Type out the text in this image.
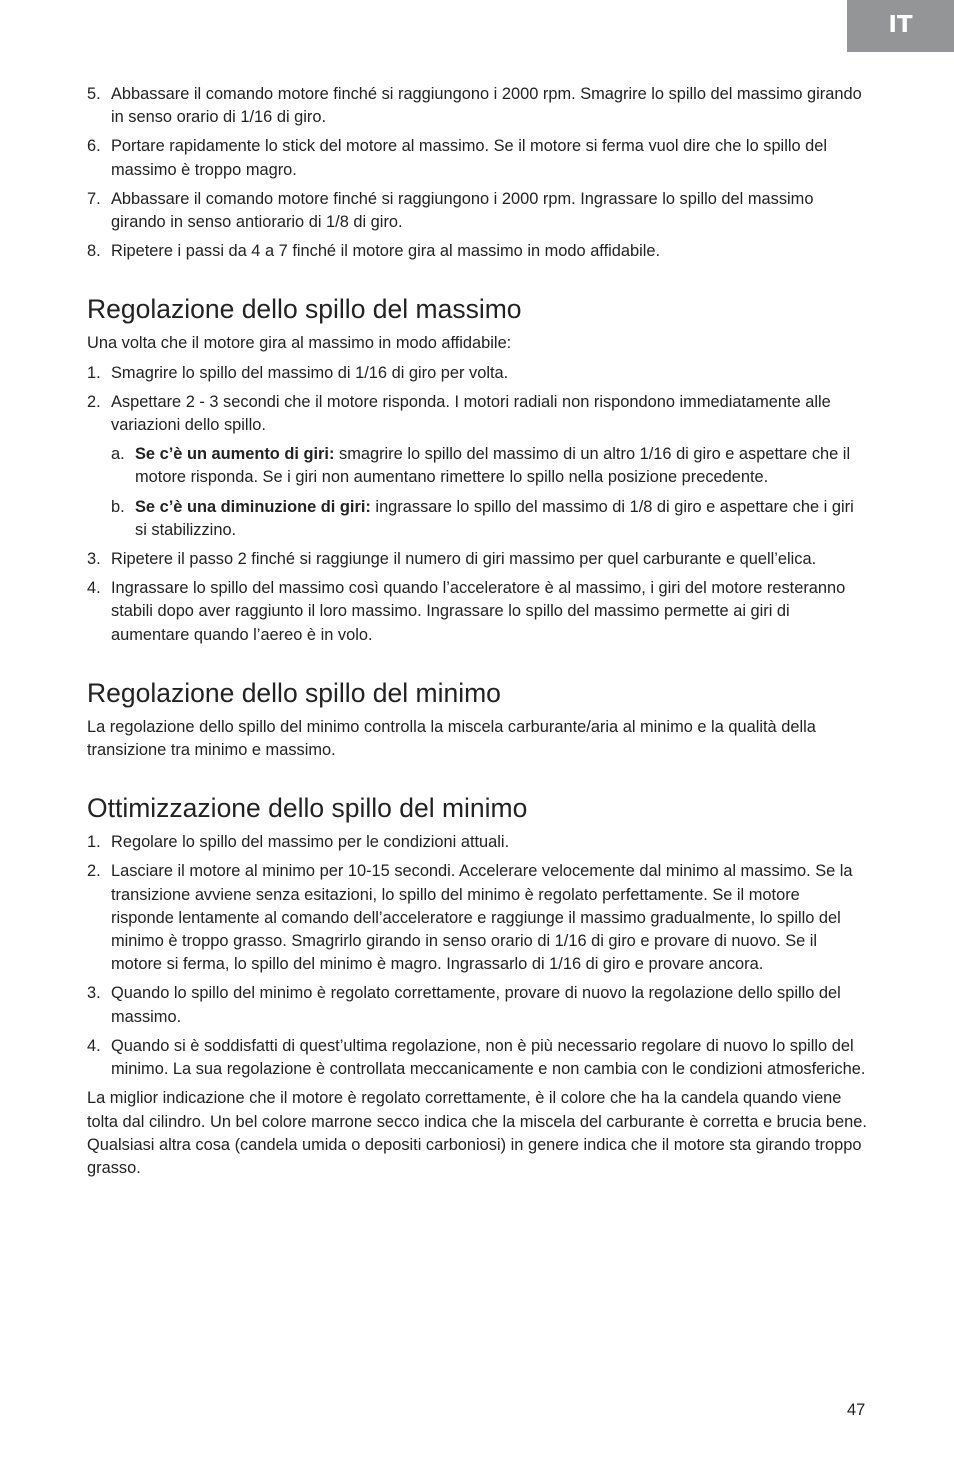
IT
5. Abbassare il comando motore finché si raggiungono i 2000 rpm. Smagrire lo spillo del massimo girando in senso orario di 1/16 di giro.
6. Portare rapidamente lo stick del motore al massimo. Se il motore si ferma vuol dire che lo spillo del massimo è troppo magro.
7. Abbassare il comando motore finché si raggiungono i 2000 rpm. Ingrassare lo spillo del massimo girando in senso antiorario di 1/8 di giro.
8. Ripetere i passi da 4 a 7 finché il motore gira al massimo in modo affidabile.
Regolazione dello spillo del massimo

Una volta che il motore gira al massimo in modo affidabile:

1. Smagrire lo spillo del massimo di 1/16 di giro per volta.
2. Aspettare 2 - 3 secondi che il motore risponda. I motori radiali non rispondono immediatamente alle variazioni dello spillo.
a. Se c’è un aumento di giri: smagrire lo spillo del massimo di un altro 1/16 di giro e aspettare che il motore risponda. Se i giri non aumentano rimettere lo spillo nella posizione precedente.
b. Se c’è una diminuzione di giri: ingrassare lo spillo del massimo di 1/8 di giro e aspettare che i giri si stabilizzino.
3. Ripetere il passo 2 finché si raggiunge il numero di giri massimo per quel carburante e quell’elica.
4. Ingrassare lo spillo del massimo così quando l’acceleratore è al massimo, i giri del motore resteranno stabili dopo aver raggiunto il loro massimo. Ingrassare lo spillo del massimo permette ai giri di aumentare quando l’aereo è in volo.
Regolazione dello spillo del minimo

La regolazione dello spillo del minimo controlla la miscela carburante/aria al minimo e la qualità della transizione tra minimo e massimo.

Ottimizzazione dello spillo del minimo
1. Regolare lo spillo del massimo per le condizioni attuali.
2. Lasciare il motore al minimo per 10-15 secondi. Accelerare velocemente dal minimo al massimo. Se la transizione avviene senza esitazioni, lo spillo del minimo è regolato perfettamente. Se il motore risponde lentamente al comando dell’acceleratore e raggiunge il massimo gradualmente, lo spillo del minimo è troppo grasso. Smagrirlo girando in senso orario di 1/16 di giro e provare di nuovo. Se il motore si ferma, lo spillo del minimo è magro. Ingrassarlo di 1/16 di giro e provare ancora.
3. Quando lo spillo del minimo è regolato correttamente, provare di nuovo la regolazione dello spillo del massimo.
4. Quando si è soddisfatti di quest’ultima regolazione, non è più necessario regolare di nuovo lo spillo del minimo. La sua regolazione è controllata meccanicamente e non cambia con le condizioni atmosferiche.

La miglior indicazione che il motore è regolato correttamente, è il colore che ha la candela quando viene tolta dal cilindro. Un bel colore marrone secco indica che la miscela del carburante è corretta e brucia bene. Qualsiasi altra cosa (candela umida o depositi carboniosi) in genere indica che il motore sta girando troppo grasso.

47
